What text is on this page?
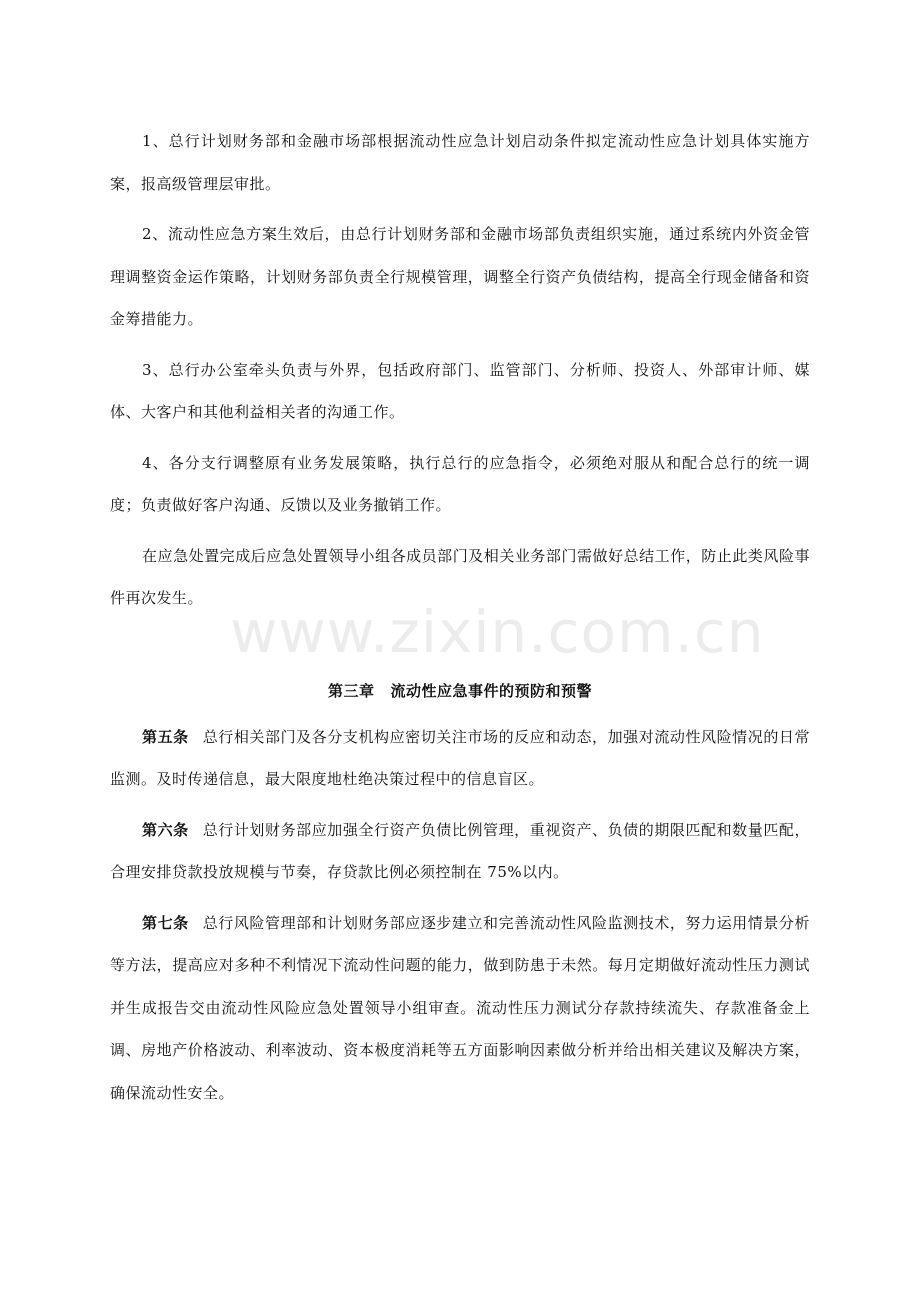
www.zixin.com.cn

1、总行计划财务部和金融市场部根据流动性应急计划启动条件拟定流动性应急计划具体实施方案，报高级管理层审批。

2、流动性应急方案生效后，由总行计划财务部和金融市场部负责组织实施，通过系统内外资金管理调整资金运作策略，计划财务部负责全行规模管理，调整全行资产负债结构，提高全行现金储备和资金筹措能力。

3、总行办公室牵头负责与外界，包括政府部门、监管部门、分析师、投资人、外部审计师、媒体、大客户和其他利益相关者的沟通工作。

4、各分支行调整原有业务发展策略，执行总行的应急指令，必须绝对服从和配合总行的统一调度；负责做好客户沟通、反馈以及业务撤销工作。

在应急处置完成后应急处置领导小组各成员部门及相关业务部门需做好总结工作，防止此类风险事件再次发生。

第三章 流动性应急事件的预防和预警

第五条 总行相关部门及各分支机构应密切关注市场的反应和动态，加强对流动性风险情况的日常监测。及时传递信息，最大限度地杜绝决策过程中的信息盲区。

第六条 总行计划财务部应加强全行资产负债比例管理，重视资产、负债的期限匹配和数量匹配，合理安排贷款投放规模与节奏，存贷款比例必须控制在 75%以内。

第七条 总行风险管理部和计划财务部应逐步建立和完善流动性风险监测技术，努力运用情景分析等方法，提高应对多种不利情况下流动性问题的能力，做到防患于未然。每月定期做好流动性压力测试并生成报告交由流动性风险应急处置领导小组审查。流动性压力测试分存款持续流失、存款准备金上调、房地产价格波动、利率波动、资本极度消耗等五方面影响因素做分析并给出相关建议及解决方案，确保流动性安全。
